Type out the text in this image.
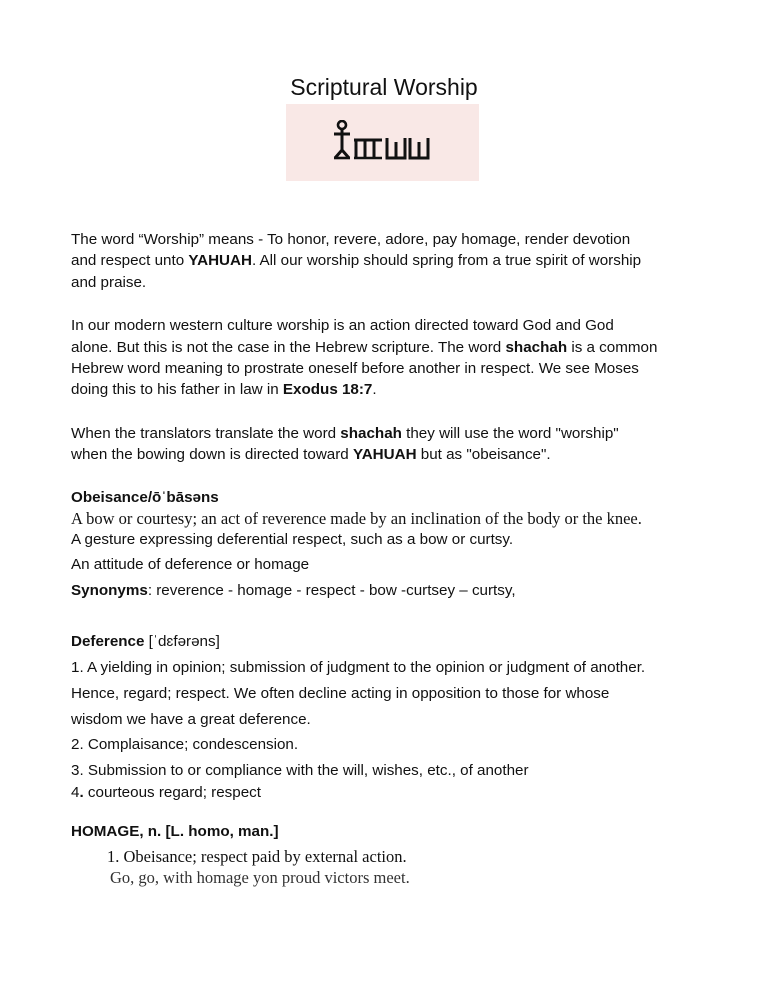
Scriptural Worship
The word “Worship” means - To honor, revere, adore, pay homage, render devotion
and respect unto YAHUAH. All our worship should spring from a true spirit of worship
and praise.
In our modern western culture worship is an action directed toward God and God
alone. But this is not the case in the Hebrew scripture. The word shachah is a common
Hebrew word meaning to prostrate oneself before another in respect. We see Moses
doing this to his father in law in Exodus 18:7.
When the translators translate the word shachah they will use the word "worship"
when the bowing down is directed toward YAHUAH but as "obeisance".
Obeisance/ōˈbāsəns
A bow or courtesy; an act of reverence made by an inclination of the body or the knee.
A gesture expressing deferential respect, such as a bow or curtsy.
An attitude of deference or homage
Synonyms: reverence - homage - respect - bow -curtsey – curtsy,
Deference [ˈdɛfərəns]
1. A yielding in opinion; submission of judgment to the opinion or judgment of another.
Hence, regard; respect. We often decline acting in opposition to those for whose
wisdom we have a great deference.
2. Complaisance; condescension.
3. Submission to or compliance with the will, wishes, etc., of another
4. courteous regard; respect
HOMAGE, n. [L. homo, man.]
1. Obeisance; respect paid by external action.
Go, go, with homage yon proud victors meet.
